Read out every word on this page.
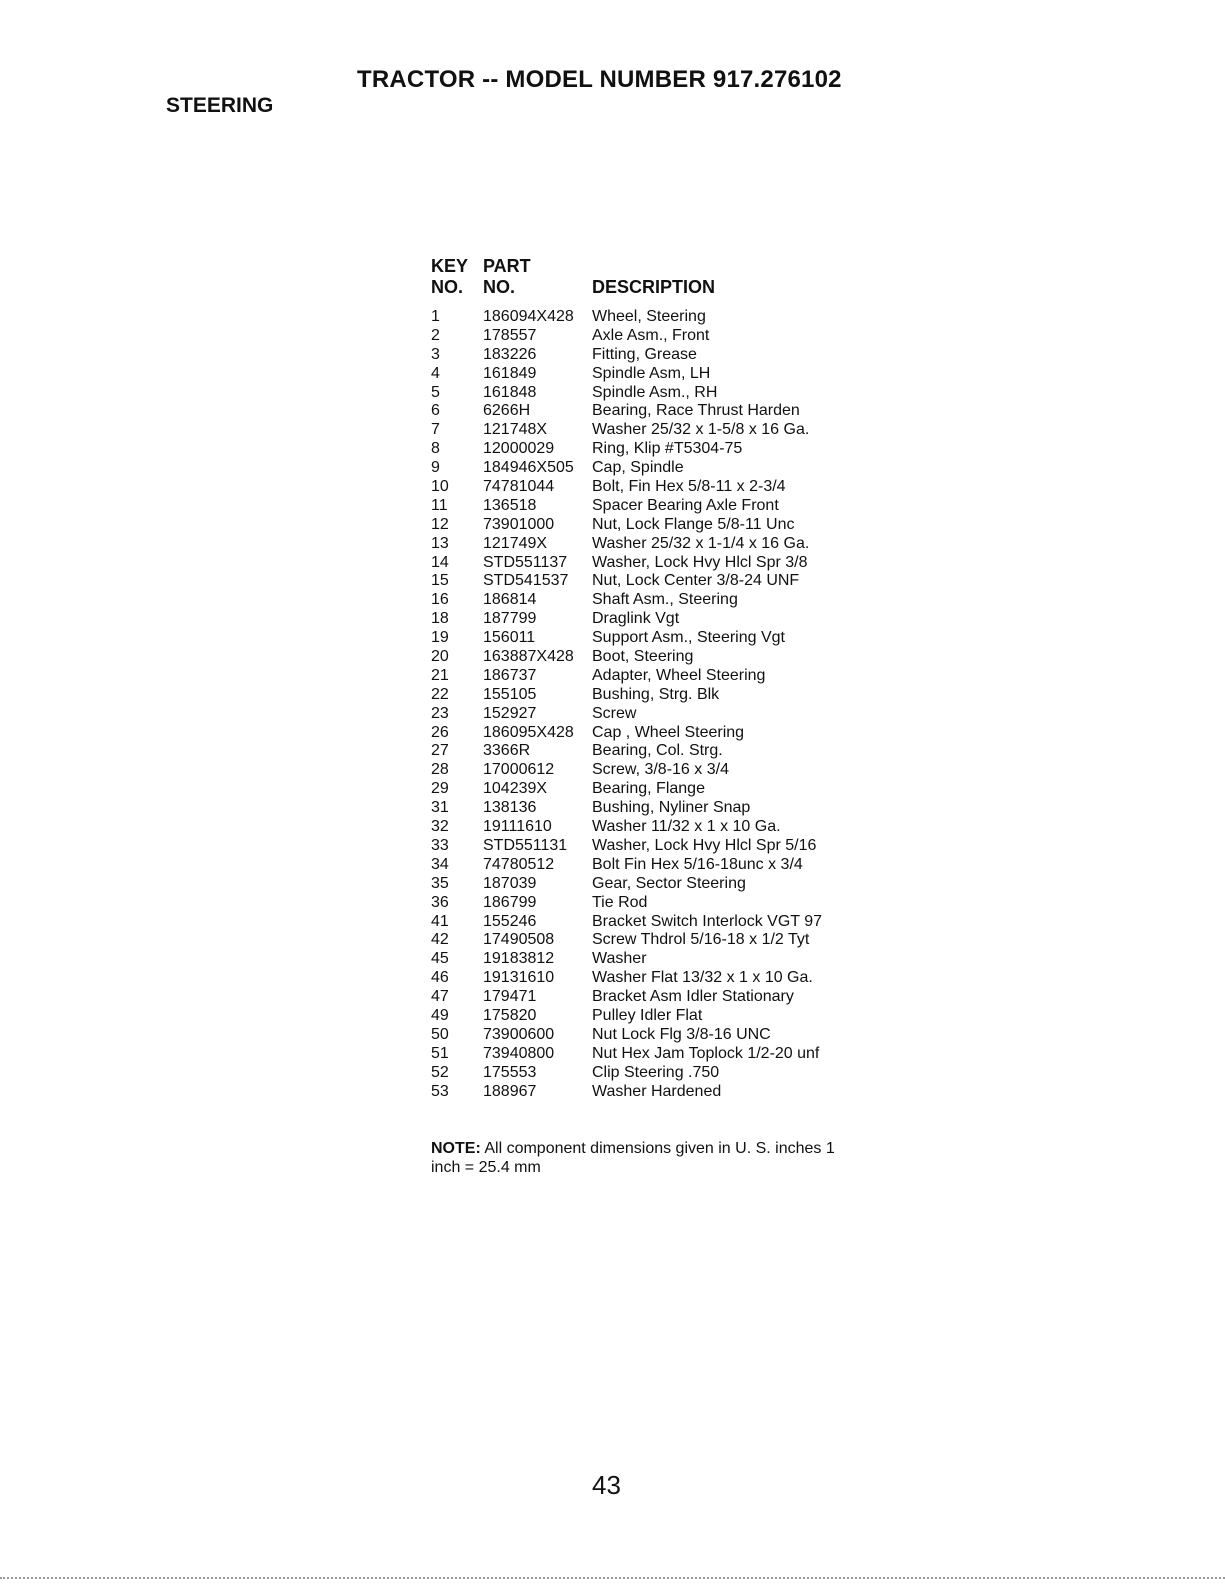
TRACTOR -- MODEL NUMBER 917.276102
STEERING
KEY PART
NO.	NO.	DESCRIPTION
1	186094X428	Wheel, Steering
2	178557	Axle Asm., Front
3	183226	Fitting, Grease
4	161849	Spindle Asm, LH
5	161848	Spindle Asm., RH
6	6266H	Bearing, Race Thrust Harden
7	121748X	Washer 25/32 x 1-5/8 x 16 Ga.
8	12000029	Ring, Klip #T5304-75
9	184946X505	Cap, Spindle
10	74781044	Bolt, Fin Hex 5/8-11 x 2-3/4
11	136518	Spacer Bearing Axle Front
12	73901000	Nut, Lock Flange 5/8-11 Unc
13	121749X	Washer 25/32 x 1-1/4 x 16 Ga.
14	STD551137	Washer, Lock Hvy Hlcl Spr 3/8
15	STD541537	Nut, Lock Center 3/8-24 UNF
16	186814	Shaft Asm., Steering
18	187799	Draglink Vgt
19	156011	Support Asm., Steering Vgt
20	163887X428	Boot, Steering
21	186737	Adapter, Wheel Steering
22	155105	Bushing, Strg. Blk
23	152927	Screw
26	186095X428	Cap , Wheel Steering
27	3366R	Bearing, Col. Strg.
28	17000612	Screw, 3/8-16 x 3/4
29	104239X	Bearing, Flange
31	138136	Bushing, Nyliner Snap
32	19111610	Washer 11/32 x 1 x 10 Ga.
33	STD551131	Washer, Lock Hvy Hlcl Spr 5/16
34	74780512	Bolt Fin Hex 5/16-18unc x 3/4
35	187039	Gear, Sector Steering
36	186799	Tie Rod
41	155246	Bracket Switch Interlock VGT 97
42	17490508	Screw Thdrol 5/16-18 x 1/2 Tyt
45	19183812	Washer
46	19131610	Washer Flat 13/32 x 1 x 10 Ga.
47	179471	Bracket Asm Idler Stationary
49	175820	Pulley Idler Flat
50	73900600	Nut Lock Flg 3/8-16 UNC
51	73940800	Nut Hex Jam Toplock 1/2-20 unf
52	175553	Clip Steering .750
53	188967	Washer Hardened
NOTE: All component dimensions given in U. S. inches 1 inch = 25.4 mm
43
